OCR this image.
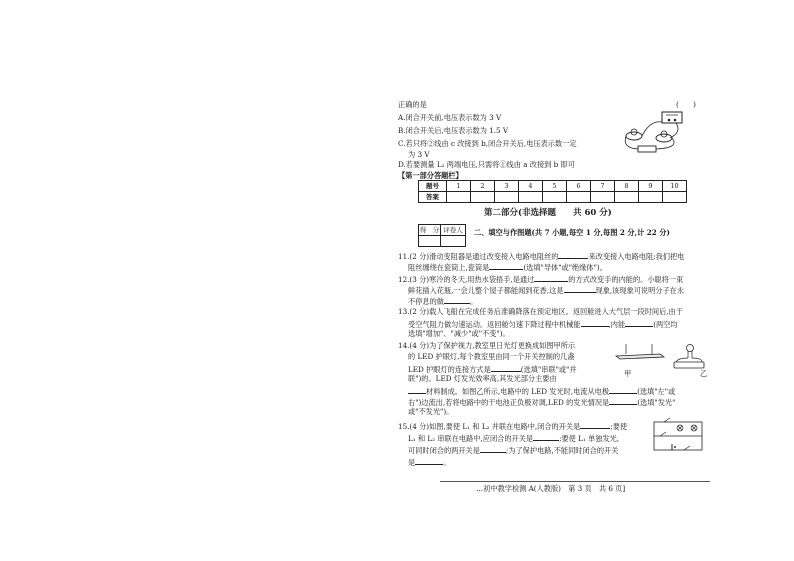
正确的是	(　　)
A.闭合开关前,电压表示数为 3 V
B.闭合开关后,电压表示数为 1.5 V
C.若只将②线由 c 改接到 b,闭合开关后,电压表示数一定
为 3 V
D.若要测量 L₂ 两端电压,只需将①线由 a 改接到 b 即可
【第一部分答题栏】
题号	1	2	3	4	5	6	7	8	9	10
答案										
第二部分(非选择题　　共 60 分)
得　分	评卷人
	二、填空与作图题(共 7 小题,每空 1 分,每图 2 分,计 22 分)
11.(2 分)滑动变阻器是通过改变接入电路电阻丝的	来改变接入电路电阻;我们把电
阻丝缠绕在瓷筒上,瓷筒是	(选填"导体"或"绝缘体")。
12.(3 分)寒冷的冬天,用热水袋捂手,是通过	的方式改变手的内能的。小聪将一束
鲜花插入花瓶,一会儿整个屋子都能闻到花香,这是	现象,该现象可说明分子在永
不停息的做	。
13.(2 分)载人飞船在完成任务后准确降落在预定地区。返回舱进入大气层一段时间后,由于
受空气阻力做匀速运动。返回舱匀速下降过程中机械能	,内能	(两空均
选填"增加"、"减少"或"不变")。
14.(4 分)为了保护视力,教室里日光灯更换成如图甲所示
的 LED 护眼灯,每个教室里由同一个开关控制的几盏
LED 护眼灯的连接方式是	(选填"串联"或"并
联")的。LED 灯发光效率高,其发光部分主要由
材料制成。如图乙所示,电路中的 LED 发光时,电流从电极	(选填"左"或
右")边流出,若将电路中的干电池正负极对调,LED 的发光情况是	(选填"发光"
或"不发光")。
甲	乙
15.(4 分)如图,要使 L₁ 和 L₂ 并联在电路中,闭合的开关是	;要使
L₁ 和 L₂ 串联在电路中,应闭合的开关是	;要使 L₁ 单独发光,
可同时闭合的两开关是	;为了保护电路,不能同时闭合的开关
是	。
…初中教学检测 A(人教版)　第 3 页　共 6 页]
